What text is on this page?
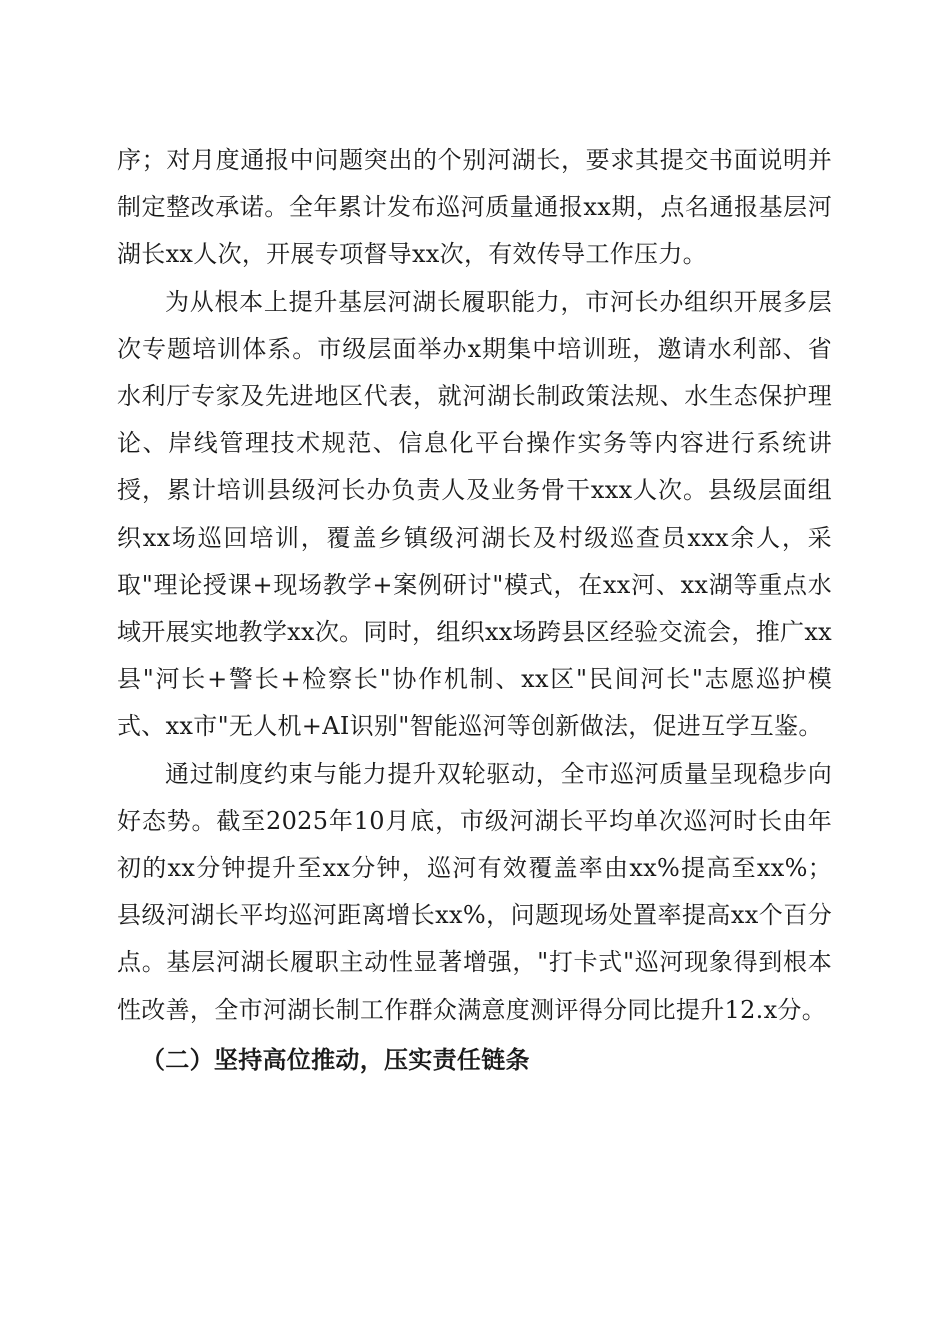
序；对月度通报中问题突出的个别河湖长，要求其提交书面说明并制定整改承诺。全年累计发布巡河质量通报xx期，点名通报基层河湖长xx人次，开展专项督导xx次，有效传导工作压力。

为从根本上提升基层河湖长履职能力，市河长办组织开展多层次专题培训体系。市级层面举办x期集中培训班，邀请水利部、省水利厅专家及先进地区代表，就河湖长制政策法规、水生态保护理论、岸线管理技术规范、信息化平台操作实务等内容进行系统讲授，累计培训县级河长办负责人及业务骨干xxx人次。县级层面组织xx场巡回培训，覆盖乡镇级河湖长及村级巡查员xxx余人，采取"理论授课+现场教学+案例研讨"模式，在xx河、xx湖等重点水域开展实地教学xx次。同时，组织xx场跨县区经验交流会，推广xx县"河长+警长+检察长"协作机制、xx区"民间河长"志愿巡护模式、xx市"无人机+AI识别"智能巡河等创新做法，促进互学互鉴。

通过制度约束与能力提升双轮驱动，全市巡河质量呈现稳步向好态势。截至2025年10月底，市级河湖长平均单次巡河时长由年初的xx分钟提升至xx分钟，巡河有效覆盖率由xx%提高至xx%；县级河湖长平均巡河距离增长xx%，问题现场处置率提高xx个百分点。基层河湖长履职主动性显著增强，"打卡式"巡河现象得到根本性改善，全市河湖长制工作群众满意度测评得分同比提升12.x分。

（二）坚持高位推动，压实责任链条
